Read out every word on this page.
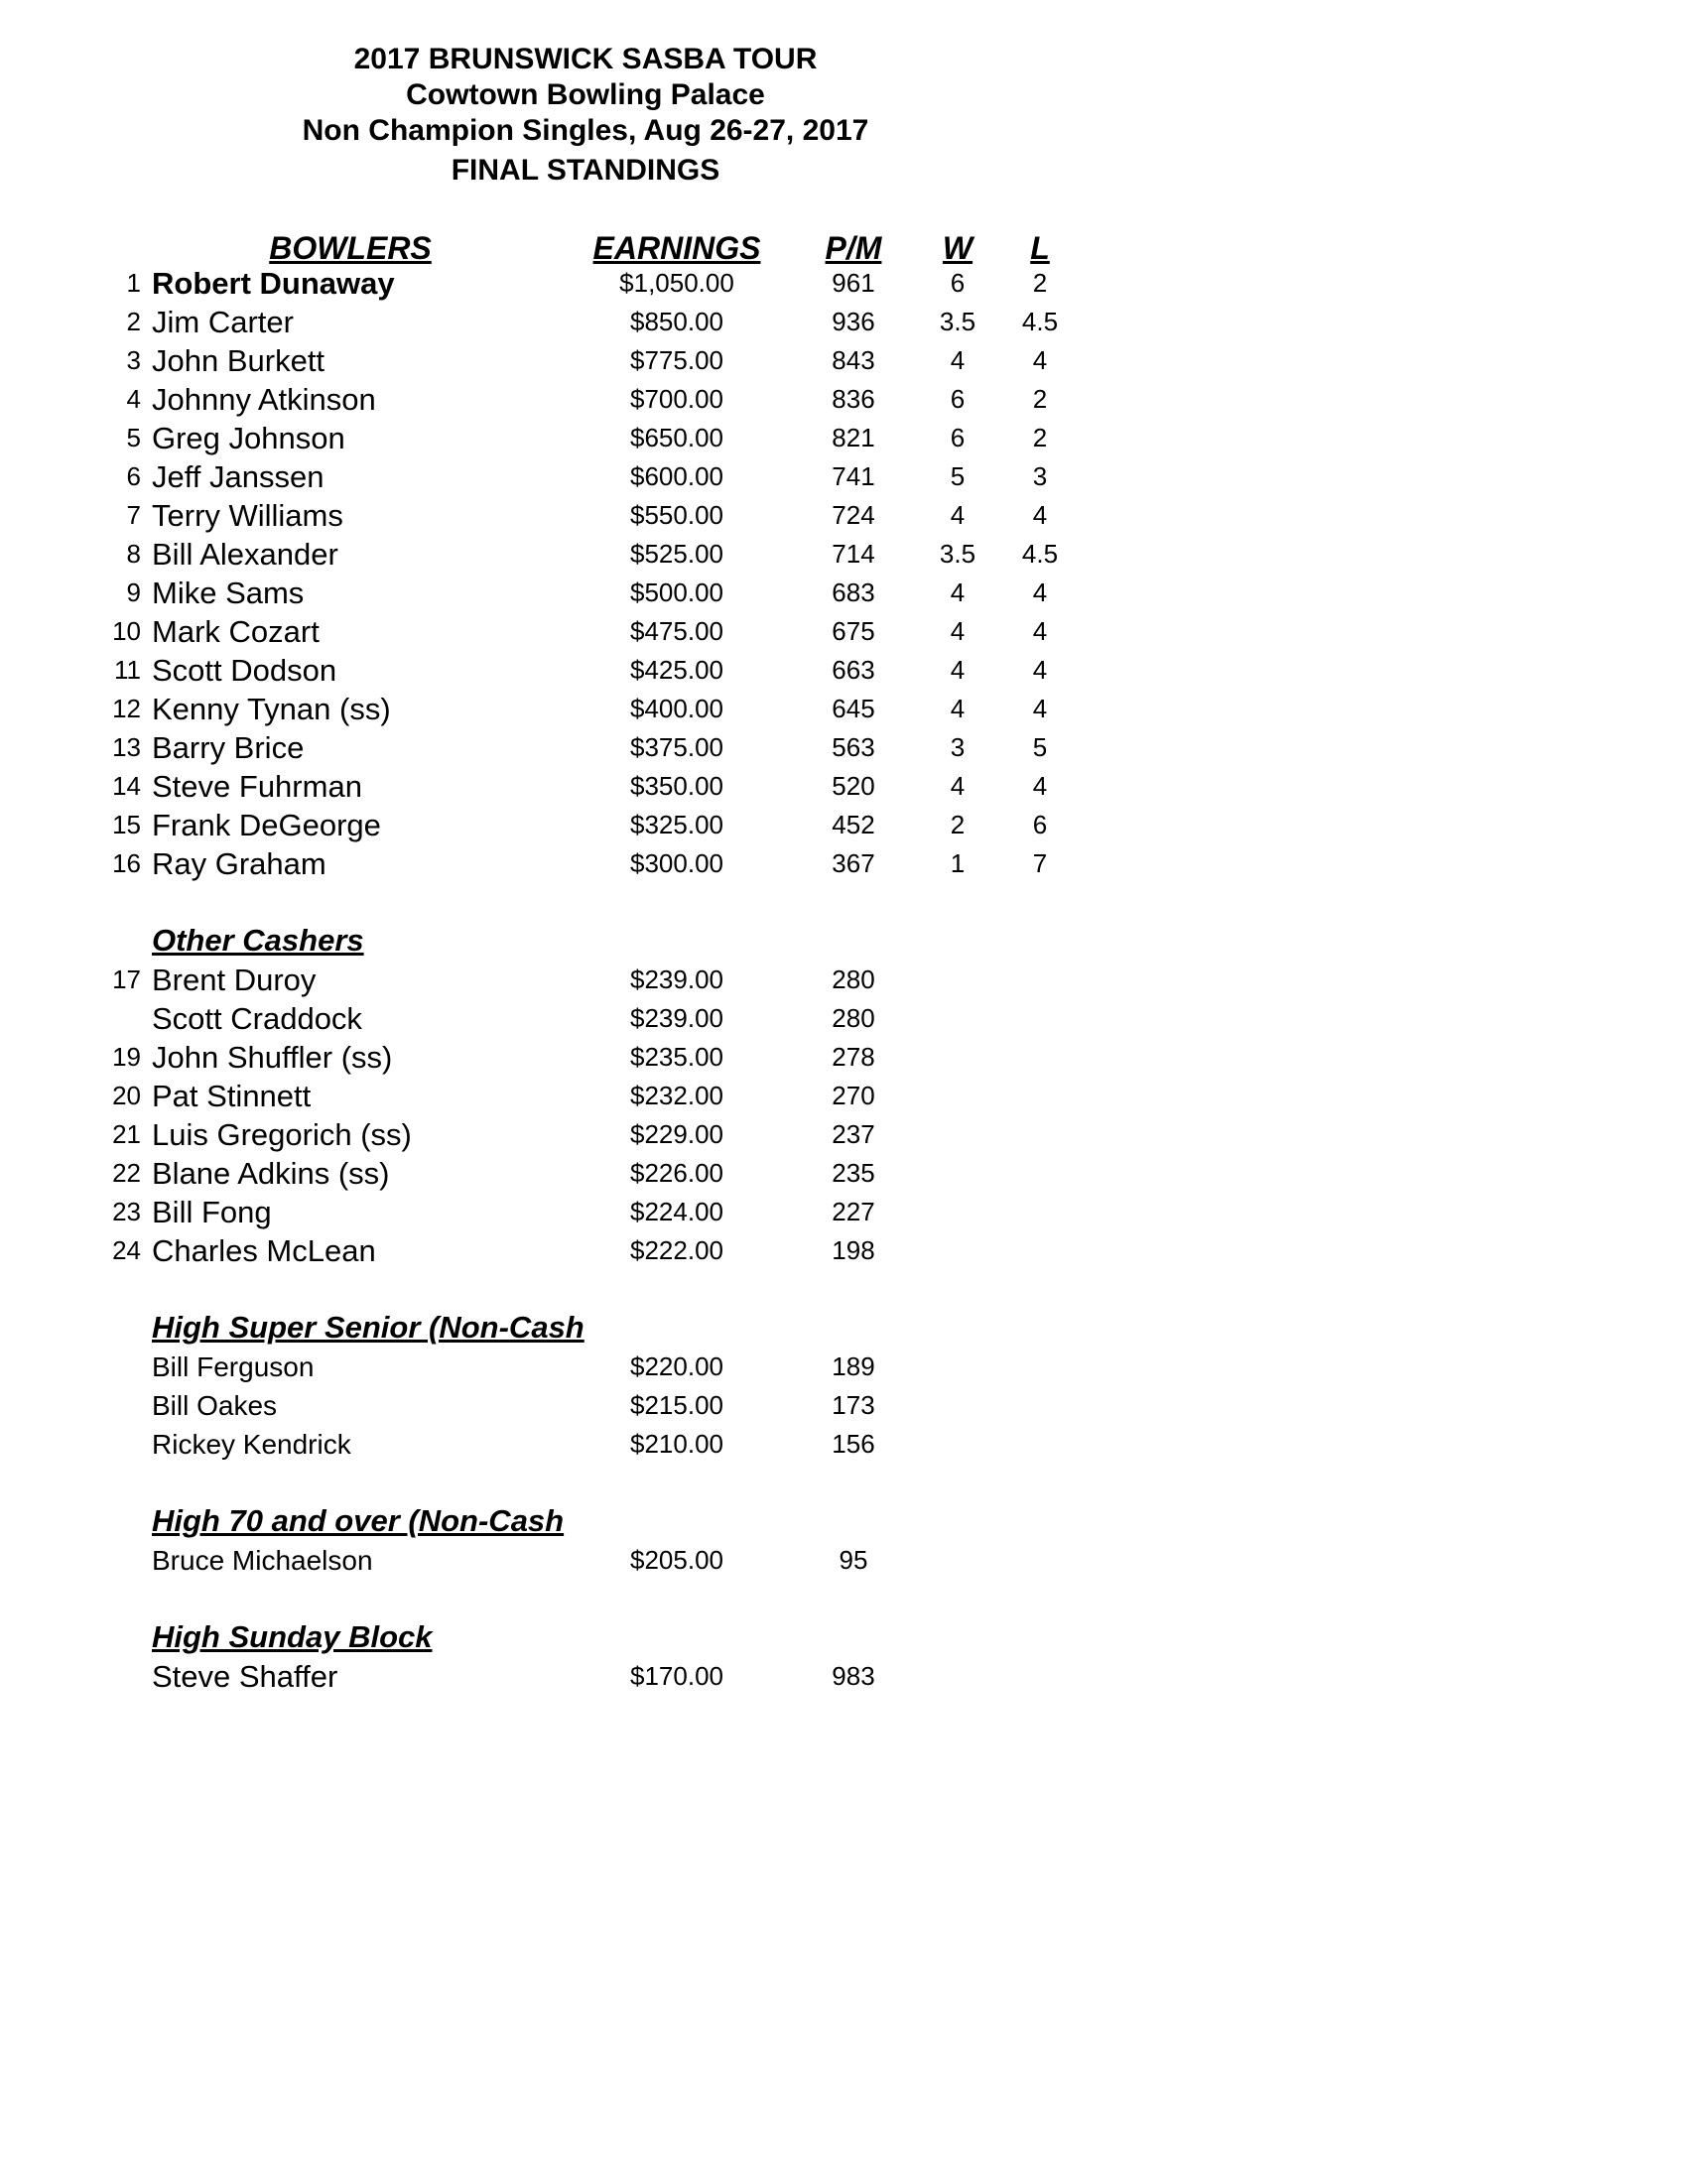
2017 BRUNSWICK SASBA TOUR
Cowtown Bowling Palace
Non Champion Singles, Aug 26-27, 2017
FINAL STANDINGS
BOWLERS	EARNINGS	P/M	W	L
1 Robert Dunaway	$1,050.00	961	6	2
2 Jim Carter	$850.00	936	3.5	4.5
3 John Burkett	$775.00	843	4	4
4 Johnny Atkinson	$700.00	836	6	2
5 Greg Johnson	$650.00	821	6	2
6 Jeff Janssen	$600.00	741	5	3
7 Terry Williams	$550.00	724	4	4
8 Bill Alexander	$525.00	714	3.5	4.5
9 Mike Sams	$500.00	683	4	4
10 Mark Cozart	$475.00	675	4	4
11 Scott Dodson	$425.00	663	4	4
12 Kenny Tynan (ss)	$400.00	645	4	4
13 Barry Brice	$375.00	563	3	5
14 Steve Fuhrman	$350.00	520	4	4
15 Frank DeGeorge	$325.00	452	2	6
16 Ray Graham	$300.00	367	1	7
Other Cashers
17 Brent Duroy	$239.00	280
Scott Craddock	$239.00	280
19 John Shuffler (ss)	$235.00	278
20 Pat Stinnett	$232.00	270
21 Luis Gregorich (ss)	$229.00	237
22 Blane Adkins (ss)	$226.00	235
23 Bill Fong	$224.00	227
24 Charles McLean	$222.00	198
High Super Senior (Non-Cash
Bill Ferguson	$220.00	189
Bill Oakes	$215.00	173
Rickey Kendrick	$210.00	156
High 70 and over (Non-Cash
Bruce Michaelson	$205.00	95
High Sunday Block
Steve Shaffer	$170.00	983
